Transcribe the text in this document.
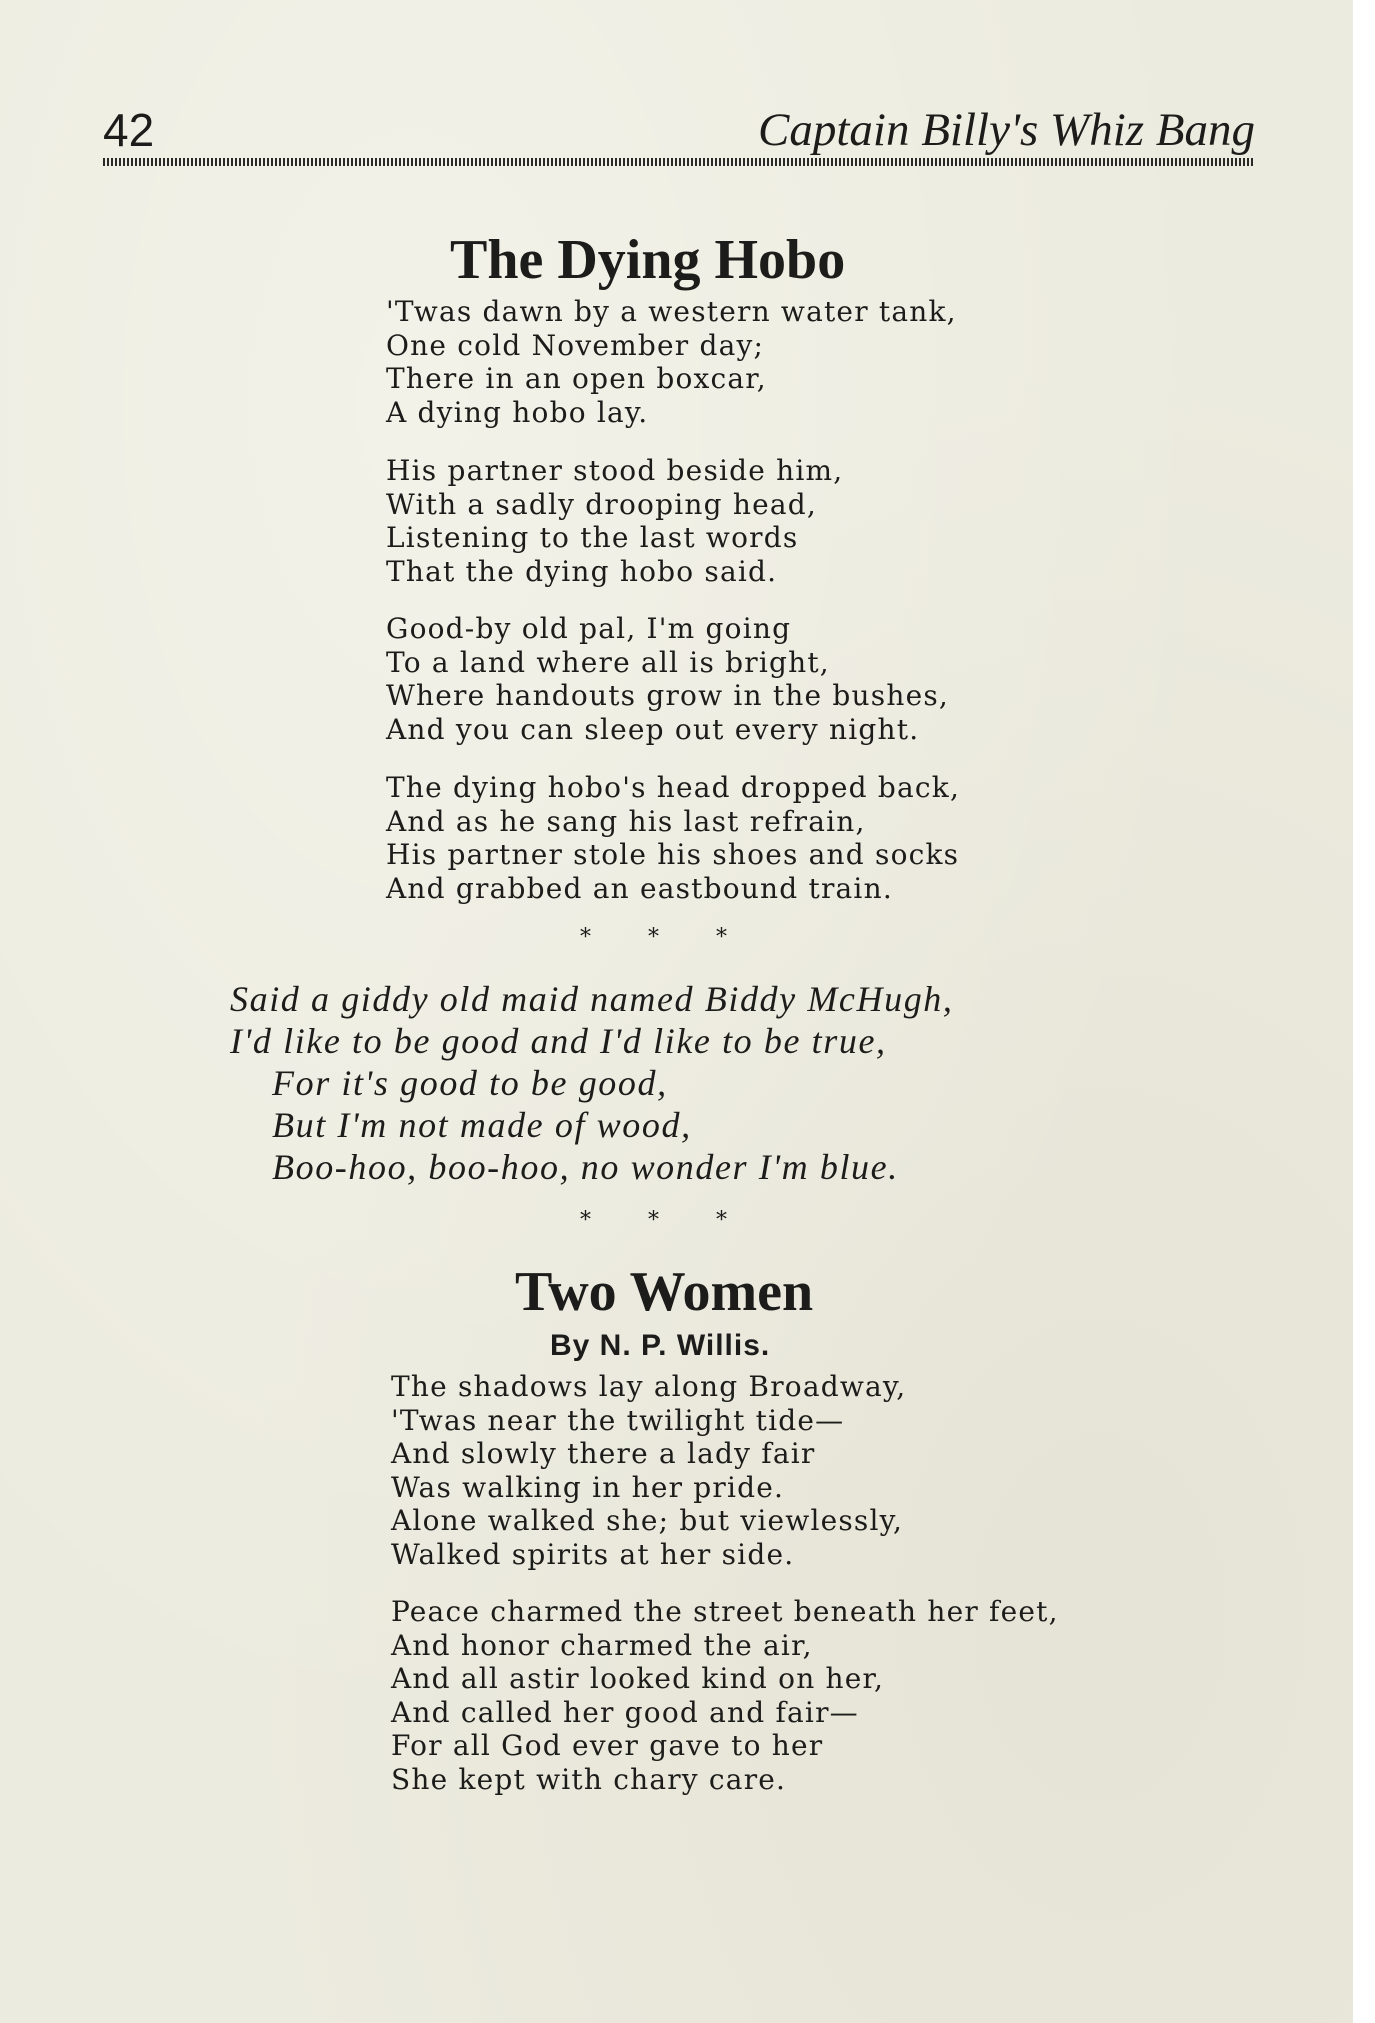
42	Captain Billy's Whiz Bang
The Dying Hobo
'Twas dawn by a western water tank,
One cold November day;
There in an open boxcar,
A dying hobo lay.
His partner stood beside him,
With a sadly drooping head,
Listening to the last words
That the dying hobo said.
Good-by old pal, I'm going
To a land where all is bright,
Where handouts grow in the bushes,
And you can sleep out every night.
The dying hobo's head dropped back,
And as he sang his last refrain,
His partner stole his shoes and socks
And grabbed an eastbound train.
*	*	*
Said a giddy old maid named Biddy McHugh,
I'd like to be good and I'd like to be true,
For it's good to be good,
But I'm not made of wood,
Boo-hoo, boo-hoo, no wonder I'm blue.
*	*	*
Two Women
By N. P. Willis.
The shadows lay along Broadway,
'Twas near the twilight tide—
And slowly there a lady fair
Was walking in her pride.
Alone walked she; but viewlessly,
Walked spirits at her side.
Peace charmed the street beneath her feet,
And honor charmed the air,
And all astir looked kind on her,
And called her good and fair—
For all God ever gave to her
She kept with chary care.
